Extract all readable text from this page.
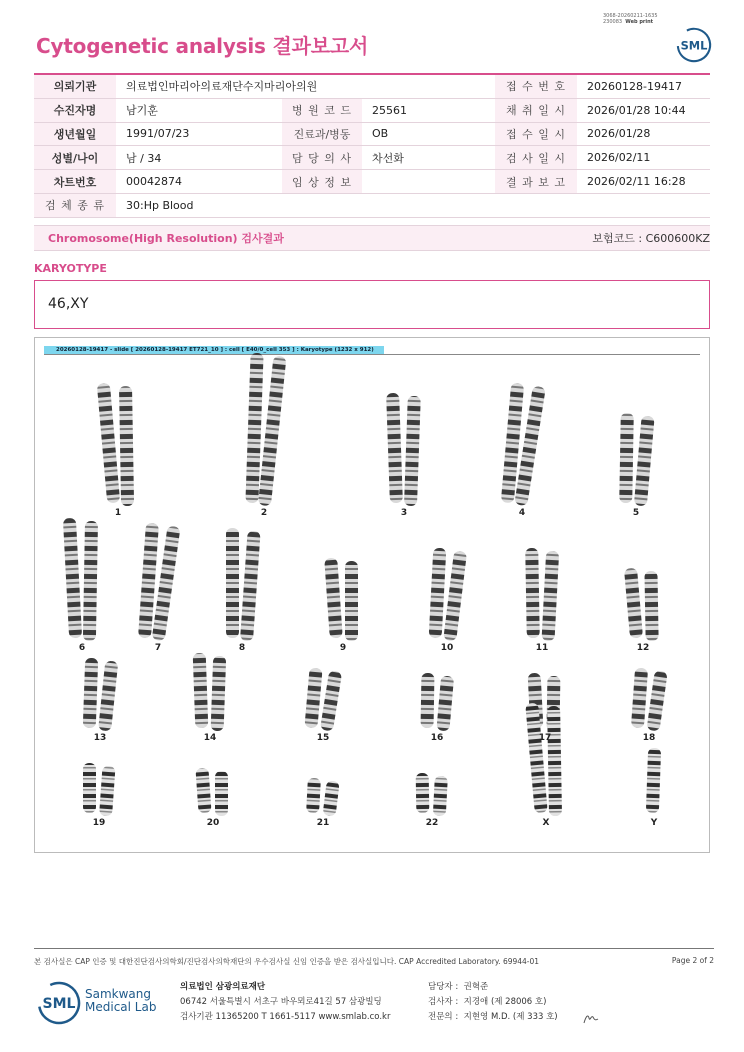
3068-20260211-1635
230083 Web print
Cytogenetic analysis 결과보고서	SML
의뢰기관	의료법인마리아의료재단수지마리아의원			접 수 번 호	20260128-19417
수진자명	남기훈	병 원 코 드	25561	채 취 일 시	2026/01/28 10:44
생년월일	1991/07/23	진료과/병동	OB	접 수 일 시	2026/01/28
성별/나이	남 / 34	담 당 의 사	차선화	검 사 일 시	2026/02/11
차트번호	00042874	임 상 정 보		결 과 보 고	2026/02/11 16:28
검 체 종 류	30:Hp Blood				
Chromosome(High Resolution) 검사결과	보험코드 : C600600KZ
KARYOTYPE
46,XY
20260128-19417 - slide [ 20260128-19417 ET721_10 ] : cell [ E40/0_cell 353 ] : Karyotype (1232 x 912)
1	2	3	4	5
6	7	8	9	10	11	12
13	14	15	16	17	18
19	20	21	22	X	Y
본 검사실은 CAP 인증 및 대한진단검사의학회/진단검사의학재단의 우수검사실 신임 인증을 받은 검사실입니다. CAP Accredited Laboratory. 69944-01	Page 2 of 2
SML
Samkwang
Medical Lab
의료법인 삼광의료재단
06742 서울특별시 서초구 바우뫼로41길 57 삼광빌딩
검사기관 11365200 T 1661-5117 www.smlab.co.kr
담당자 : 권혁준
검사자 : 지경애 (제 28006 호)
전문의 : 지현영 M.D. (제 333 호)
